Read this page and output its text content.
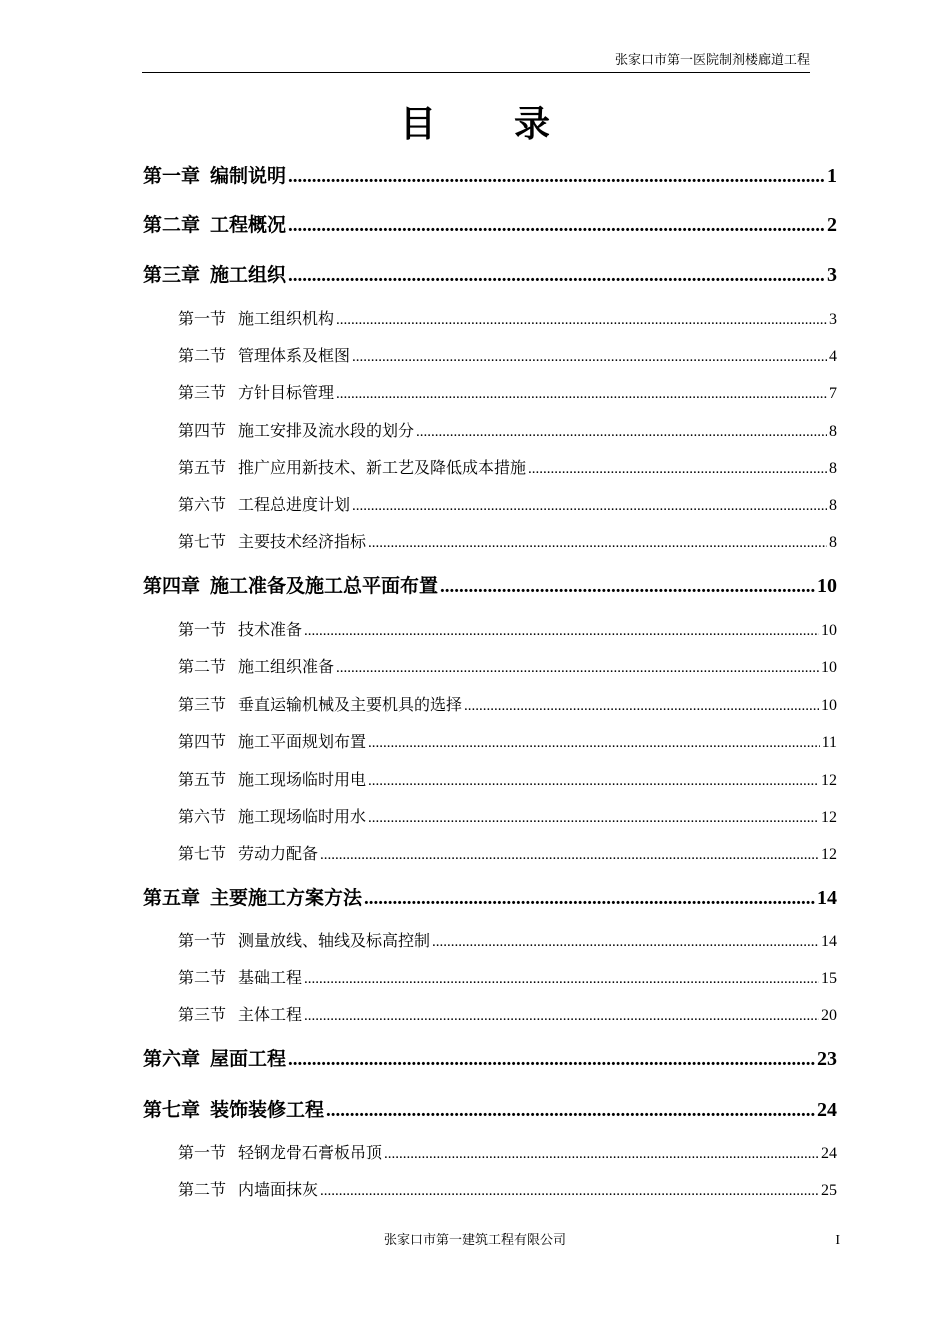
张家口市第一医院制剂楼廊道工程
目录
第一章 编制说明 .....	1
第二章 工程概况 .....	2
第三章 施工组织 .....	3
第一节 施工组织机构 .....	3
第二节 管理体系及框图 .....	4
第三节 方针目标管理 .....	7
第四节 施工安排及流水段的划分 .....	8
第五节 推广应用新技术、新工艺及降低成本措施 .....	8
第六节 工程总进度计划 .....	8
第七节 主要技术经济指标 .....	8
第四章 施工准备及施工总平面布置 .....	10
第一节 技术准备 .....	10
第二节 施工组织准备 .....	10
第三节 垂直运输机械及主要机具的选择 .....	10
第四节 施工平面规划布置 .....	11
第五节 施工现场临时用电 .....	12
第六节 施工现场临时用水 .....	12
第七节 劳动力配备 .....	12
第五章 主要施工方案方法 .....	14
第一节 测量放线、轴线及标高控制 .....	14
第二节 基础工程 .....	15
第三节 主体工程 .....	20
第六章 屋面工程 .....	23
第七章 装饰装修工程 .....	24
第一节 轻钢龙骨石膏板吊顶 .....	24
第二节 内墙面抹灰 .....	25
张家口市第一建筑工程有限公司	I
